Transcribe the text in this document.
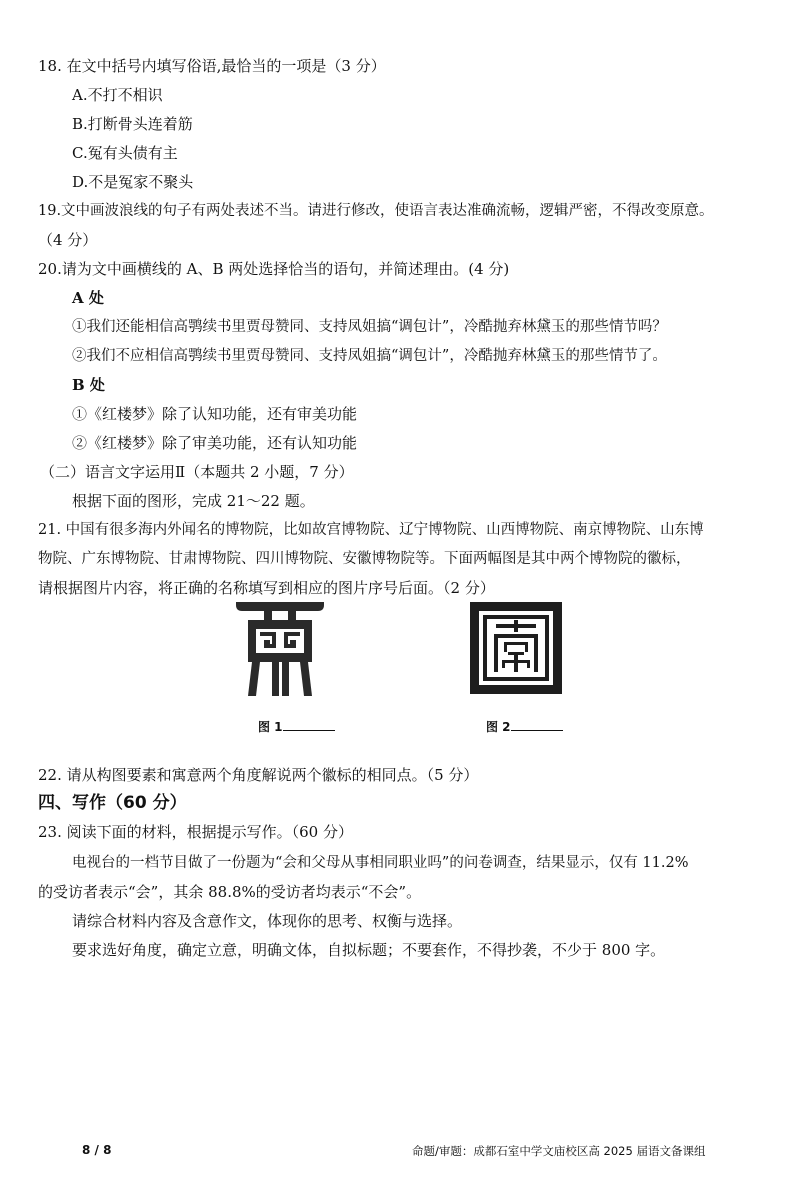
18. 在文中括号内填写俗语,最恰当的一项是（3 分）
A.不打不相识
B.打断骨头连着筋
C.冤有头债有主
D.不是冤家不聚头
19.文中画波浪线的句子有两处表述不当。请进行修改，使语言表达准确流畅，逻辑严密，不得改变原意。
（4 分）
20.请为文中画横线的 A、B 两处选择恰当的语句，并简述理由。(4 分)
A 处
①我们还能相信高鹗续书里贾母赞同、支持凤姐搞“调包计”，冷酷抛弃林黛玉的那些情节吗？
②我们不应相信高鹗续书里贾母赞同、支持凤姐搞“调包计”，冷酷抛弃林黛玉的那些情节了。
B 处
①《红楼梦》除了认知功能，还有审美功能
②《红楼梦》除了审美功能，还有认知功能
（二）语言文字运用Ⅱ（本题共 2 小题，7 分）
根据下面的图形，完成 21～22 题。
21. 中国有很多海内外闻名的博物院，比如故宫博物院、辽宁博物院、山西博物院、南京博物院、山东博
物院、广东博物院、甘肃博物院、四川博物院、安徽博物院等。下面两幅图是其中两个博物院的徽标，
请根据图片内容，将正确的名称填写到相应的图片序号后面。（2 分）
图 1	图 2
22. 请从构图要素和寓意两个角度解说两个徽标的相同点。（5 分）
四、写作（60 分）
23. 阅读下面的材料，根据提示写作。（60 分）
电视台的一档节目做了一份题为“会和父母从事相同职业吗”的问卷调查，结果显示，仅有 11.2%
的受访者表示“会”，其余 88.8%的受访者均表示“不会”。
请综合材料内容及含意作文，体现你的思考、权衡与选择。
要求选好角度，确定立意，明确文体，自拟标题；不要套作，不得抄袭，不少于 800 字。
8 / 8	命题/审题：成都石室中学文庙校区高 2025 届语文备课组
